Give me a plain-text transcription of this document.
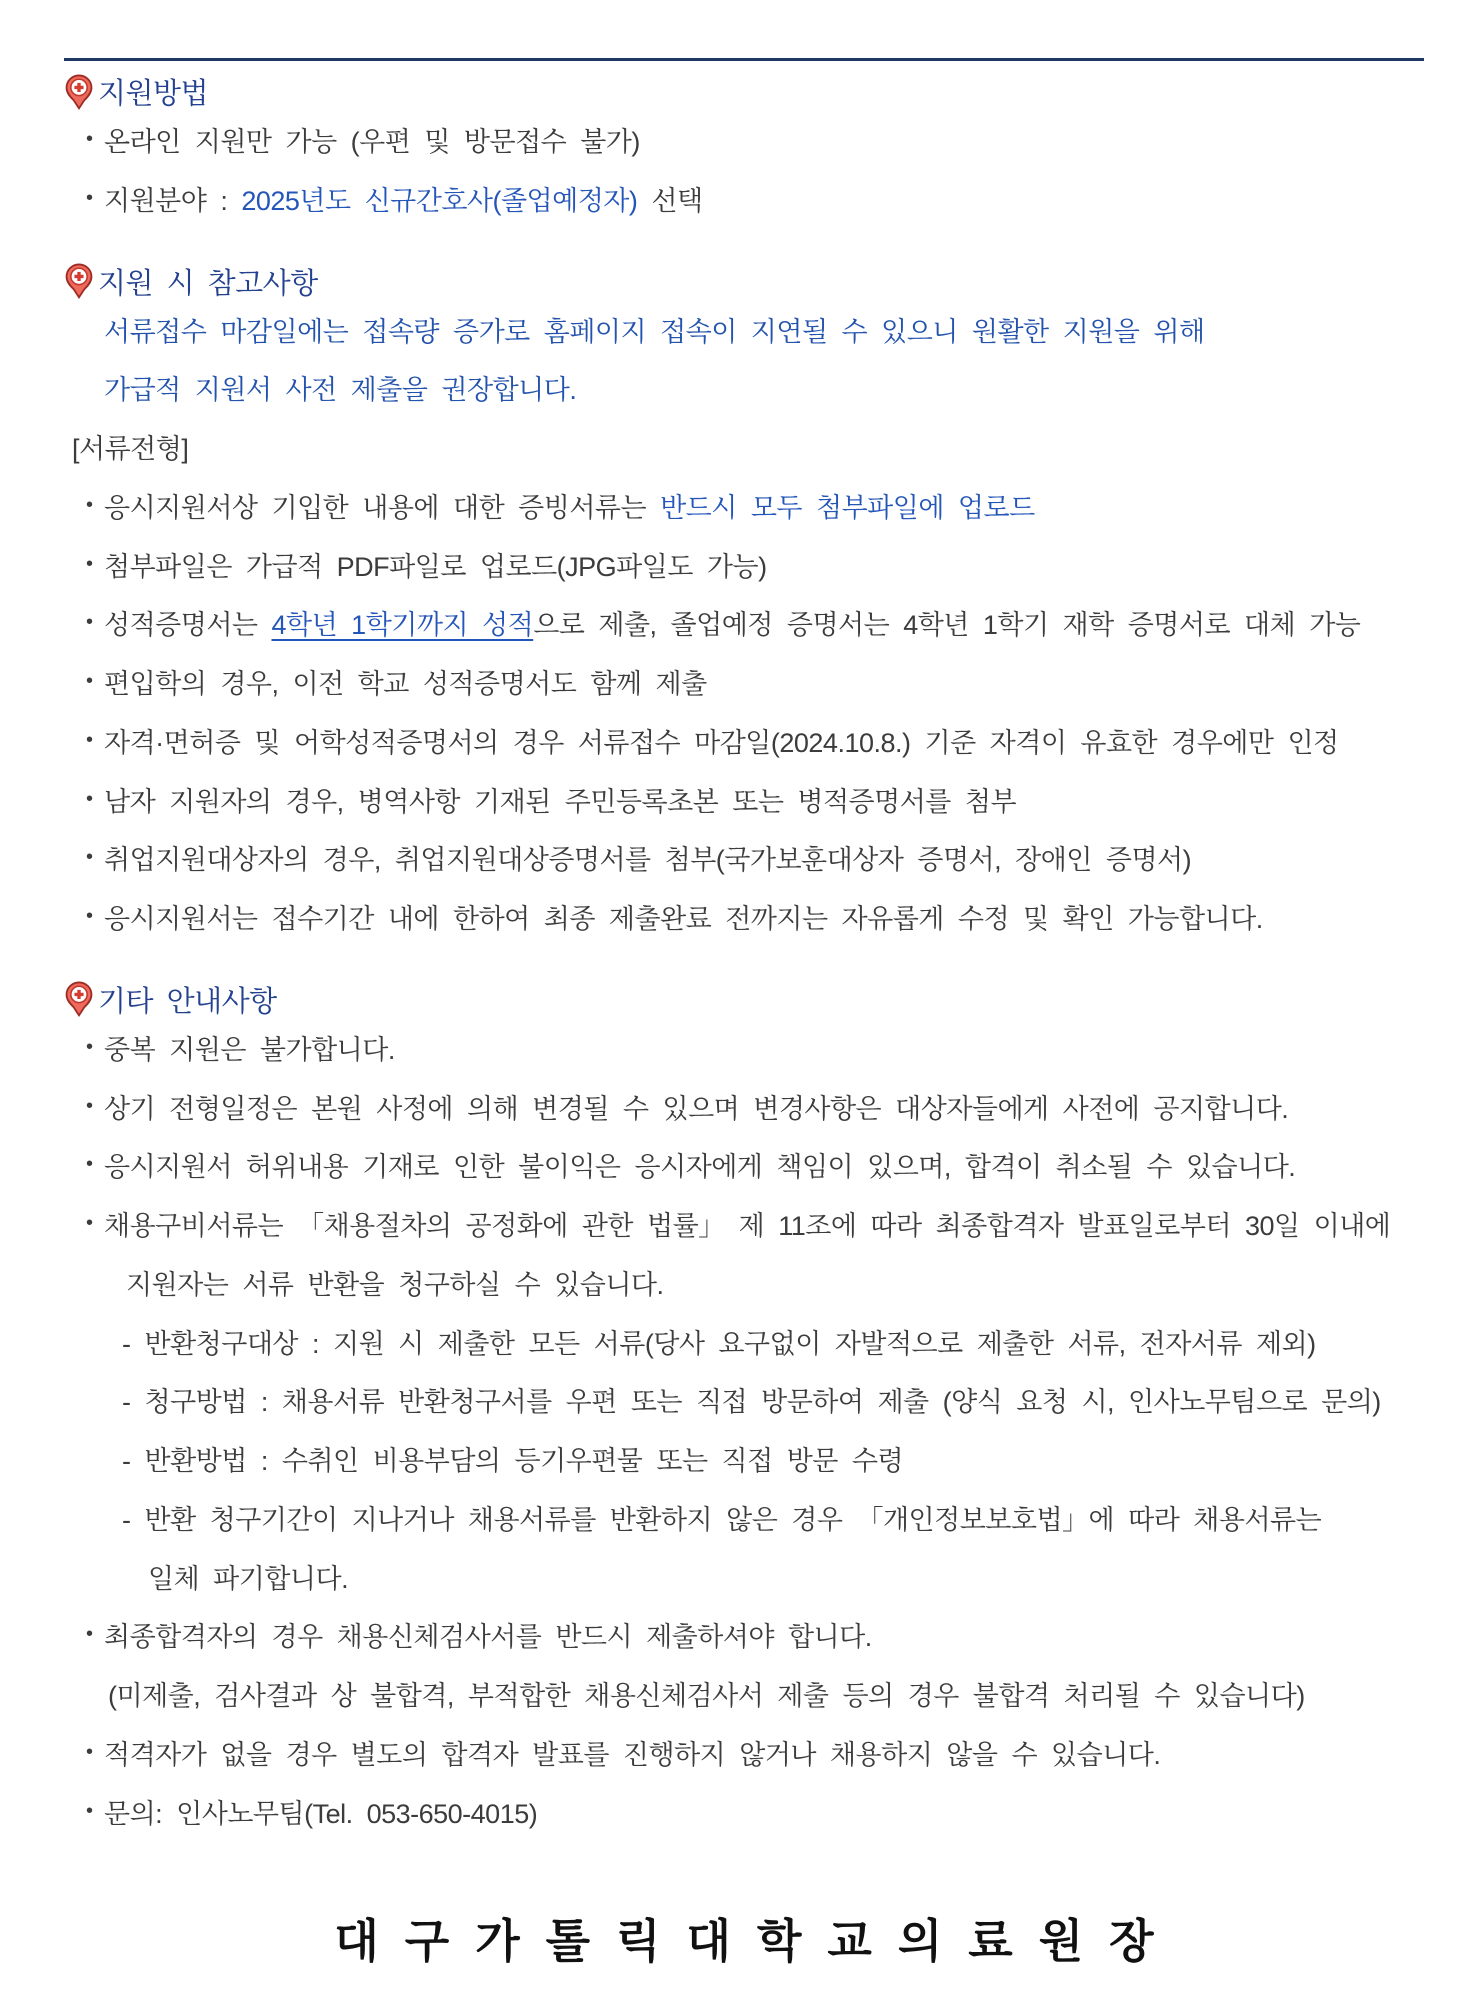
지원방법
• 온라인 지원만 가능 (우편 및 방문접수 불가)
• 지원분야 : 2025년도 신규간호사(졸업예정자) 선택
지원 시 참고사항
서류접수 마감일에는 접속량 증가로 홈페이지 접속이 지연될 수 있으니 원활한 지원을 위해
가급적 지원서 사전 제출을 권장합니다.
[서류전형]
• 응시지원서상 기입한 내용에 대한 증빙서류는 반드시 모두 첨부파일에 업로드
• 첨부파일은 가급적 PDF파일로 업로드(JPG파일도 가능)
• 성적증명서는 4학년 1학기까지 성적으로 제출, 졸업예정 증명서는 4학년 1학기 재학 증명서로 대체 가능
• 편입학의 경우, 이전 학교 성적증명서도 함께 제출
• 자격·면허증 및 어학성적증명서의 경우 서류접수 마감일(2024.10.8.) 기준 자격이 유효한 경우에만 인정
• 남자 지원자의 경우, 병역사항 기재된 주민등록초본 또는 병적증명서를 첨부
• 취업지원대상자의 경우, 취업지원대상증명서를 첨부(국가보훈대상자 증명서, 장애인 증명서)
• 응시지원서는 접수기간 내에 한하여 최종 제출완료 전까지는 자유롭게 수정 및 확인 가능합니다.
기타 안내사항
• 중복 지원은 불가합니다.
• 상기 전형일정은 본원 사정에 의해 변경될 수 있으며 변경사항은 대상자들에게 사전에 공지합니다.
• 응시지원서 허위내용 기재로 인한 불이익은 응시자에게 책임이 있으며, 합격이 취소될 수 있습니다.
• 채용구비서류는 「채용절차의 공정화에 관한 법률」 제 11조에 따라 최종합격자 발표일로부터 30일 이내에
지원자는 서류 반환을 청구하실 수 있습니다.
- 반환청구대상 : 지원 시 제출한 모든 서류(당사 요구없이 자발적으로 제출한 서류, 전자서류 제외)
- 청구방법 : 채용서류 반환청구서를 우편 또는 직접 방문하여 제출 (양식 요청 시, 인사노무팀으로 문의)
- 반환방법 : 수취인 비용부담의 등기우편물 또는 직접 방문 수령
- 반환 청구기간이 지나거나 채용서류를 반환하지 않은 경우 「개인정보보호법」에 따라 채용서류는
일체 파기합니다.
• 최종합격자의 경우 채용신체검사서를 반드시 제출하셔야 합니다.
(미제출, 검사결과 상 불합격, 부적합한 채용신체검사서 제출 등의 경우 불합격 처리될 수 있습니다)
• 적격자가 없을 경우 별도의 합격자 발표를 진행하지 않거나 채용하지 않을 수 있습니다.
• 문의: 인사노무팀(Tel. 053-650-4015)
대구가톨릭대학교의료원장
